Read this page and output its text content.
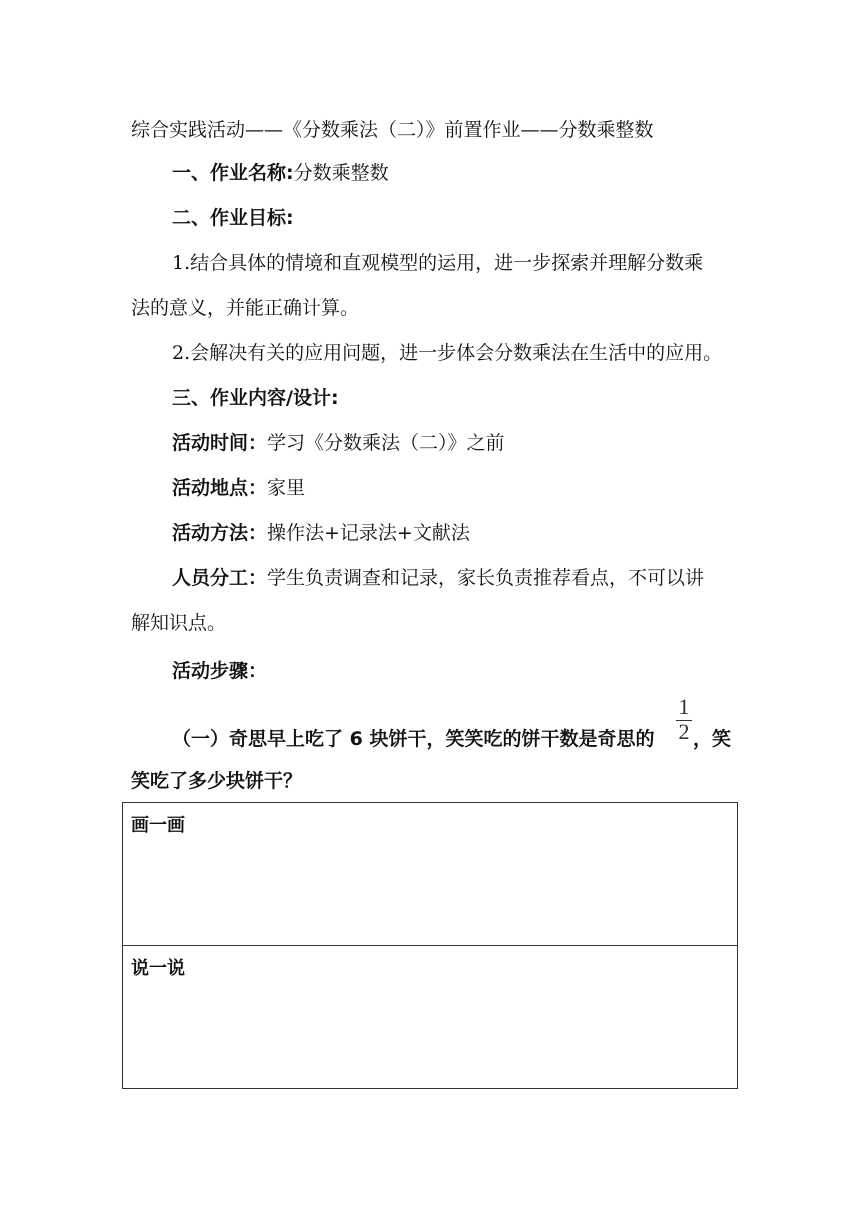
综合实践活动——《分数乘法（二）》前置作业——分数乘整数
一、作业名称:分数乘整数
二、作业目标:
1.结合具体的情境和直观模型的运用，进一步探索并理解分数乘
法的意义，并能正确计算。
2.会解决有关的应用问题，进一步体会分数乘法在生活中的应用。
三、作业内容/设计:
活动时间：学习《分数乘法（二）》之前
活动地点：家里
活动方法：操作法+记录法+文献法
人员分工：学生负责调查和记录，家长负责推荐看点，不可以讲
解知识点。
活动步骤：
（一）奇思早上吃了 6 块饼干，笑笑吃的饼干数是奇思的
1
2 ，笑
笑吃了多少块饼干？
画一画
说一说
